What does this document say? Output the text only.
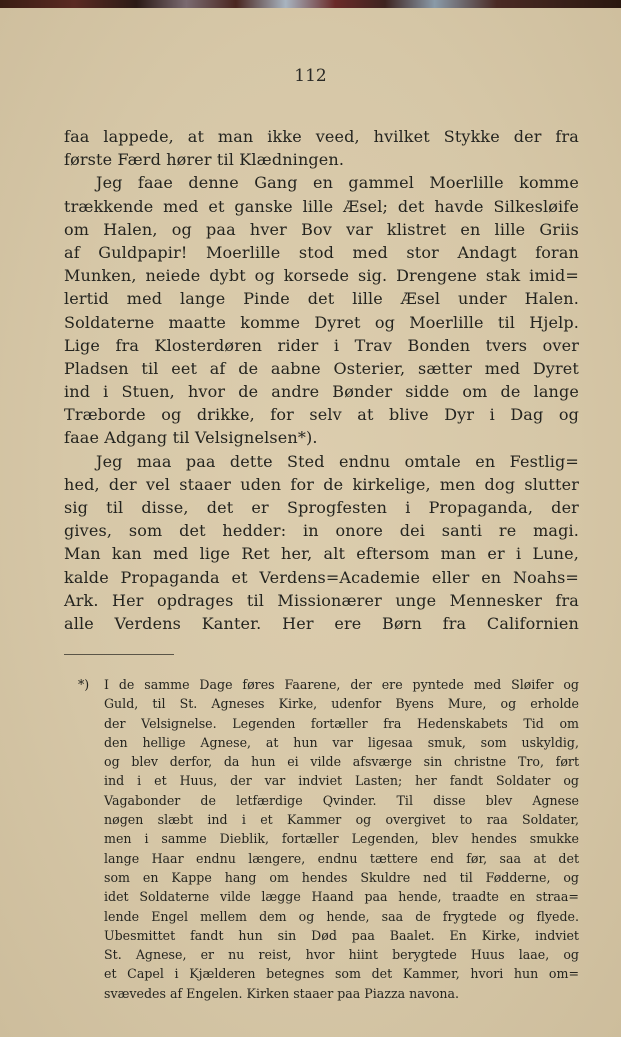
112
faa lappede, at man ikke veed, hvilket Stykke der fra
første Færd hører til Klædningen.
Jeg faae denne Gang en gammel Moerlille komme
trækkende med et ganske lille Æsel; det havde Silkesløife
om Halen, og paa hver Bov var klistret en lille Griis
af Guldpapir! Moerlille stod med stor Andagt foran
Munken, neiede dybt og korsede sig. Drengene stak imid=
lertid med lange Pinde det lille Æsel under Halen.
Soldaterne maatte komme Dyret og Moerlille til Hjelp.
Lige fra Klosterdøren rider i Trav Bonden tvers over
Pladsen til eet af de aabne Osterier, sætter med Dyret
ind i Stuen, hvor de andre Bønder sidde om de lange
Træborde og drikke, for selv at blive Dyr i Dag og
faae Adgang til Velsignelsen*).
Jeg maa paa dette Sted endnu omtale en Festlig=
hed, der vel staaer uden for de kirkelige, men dog slutter
sig til disse, det er Sprogfesten i Propaganda, der
gives, som det hedder: in onore dei santi re magi.
Man kan med lige Ret her, alt eftersom man er i Lune,
kalde Propaganda et Verdens=Academie eller en Noahs=
Ark. Her opdrages til Missionærer unge Mennesker fra
alle Verdens Kanter. Her ere Børn fra Californien
*)	I de samme Dage føres Faarene, der ere pyntede med Sløifer og
Guld, til St. Agneses Kirke, udenfor Byens Mure, og erholde
der Velsignelse. Legenden fortæller fra Hedenskabets Tid om
den hellige Agnese, at hun var ligesaa smuk, som uskyldig,
og blev derfor, da hun ei vilde afsværge sin christne Tro, ført
ind i et Huus, der var indviet Lasten; her fandt Soldater og
Vagabonder de letfærdige Qvinder. Til disse blev Agnese
nøgen slæbt ind i et Kammer og overgivet to raa Soldater,
men i samme Dieblik, fortæller Legenden, blev hendes smukke
lange Haar endnu længere, endnu tættere end før, saa at det
som en Kappe hang om hendes Skuldre ned til Fødderne, og
idet Soldaterne vilde lægge Haand paa hende, traadte en straa=
lende Engel mellem dem og hende, saa de frygtede og flyede.
Ubesmittet fandt hun sin Død paa Baalet. En Kirke, indviet
St. Agnese, er nu reist, hvor hiint berygtede Huus laae, og
et Capel i Kjælderen betegnes som det Kammer, hvori hun om=
svævedes af Engelen. Kirken staaer paa Piazza navona.
